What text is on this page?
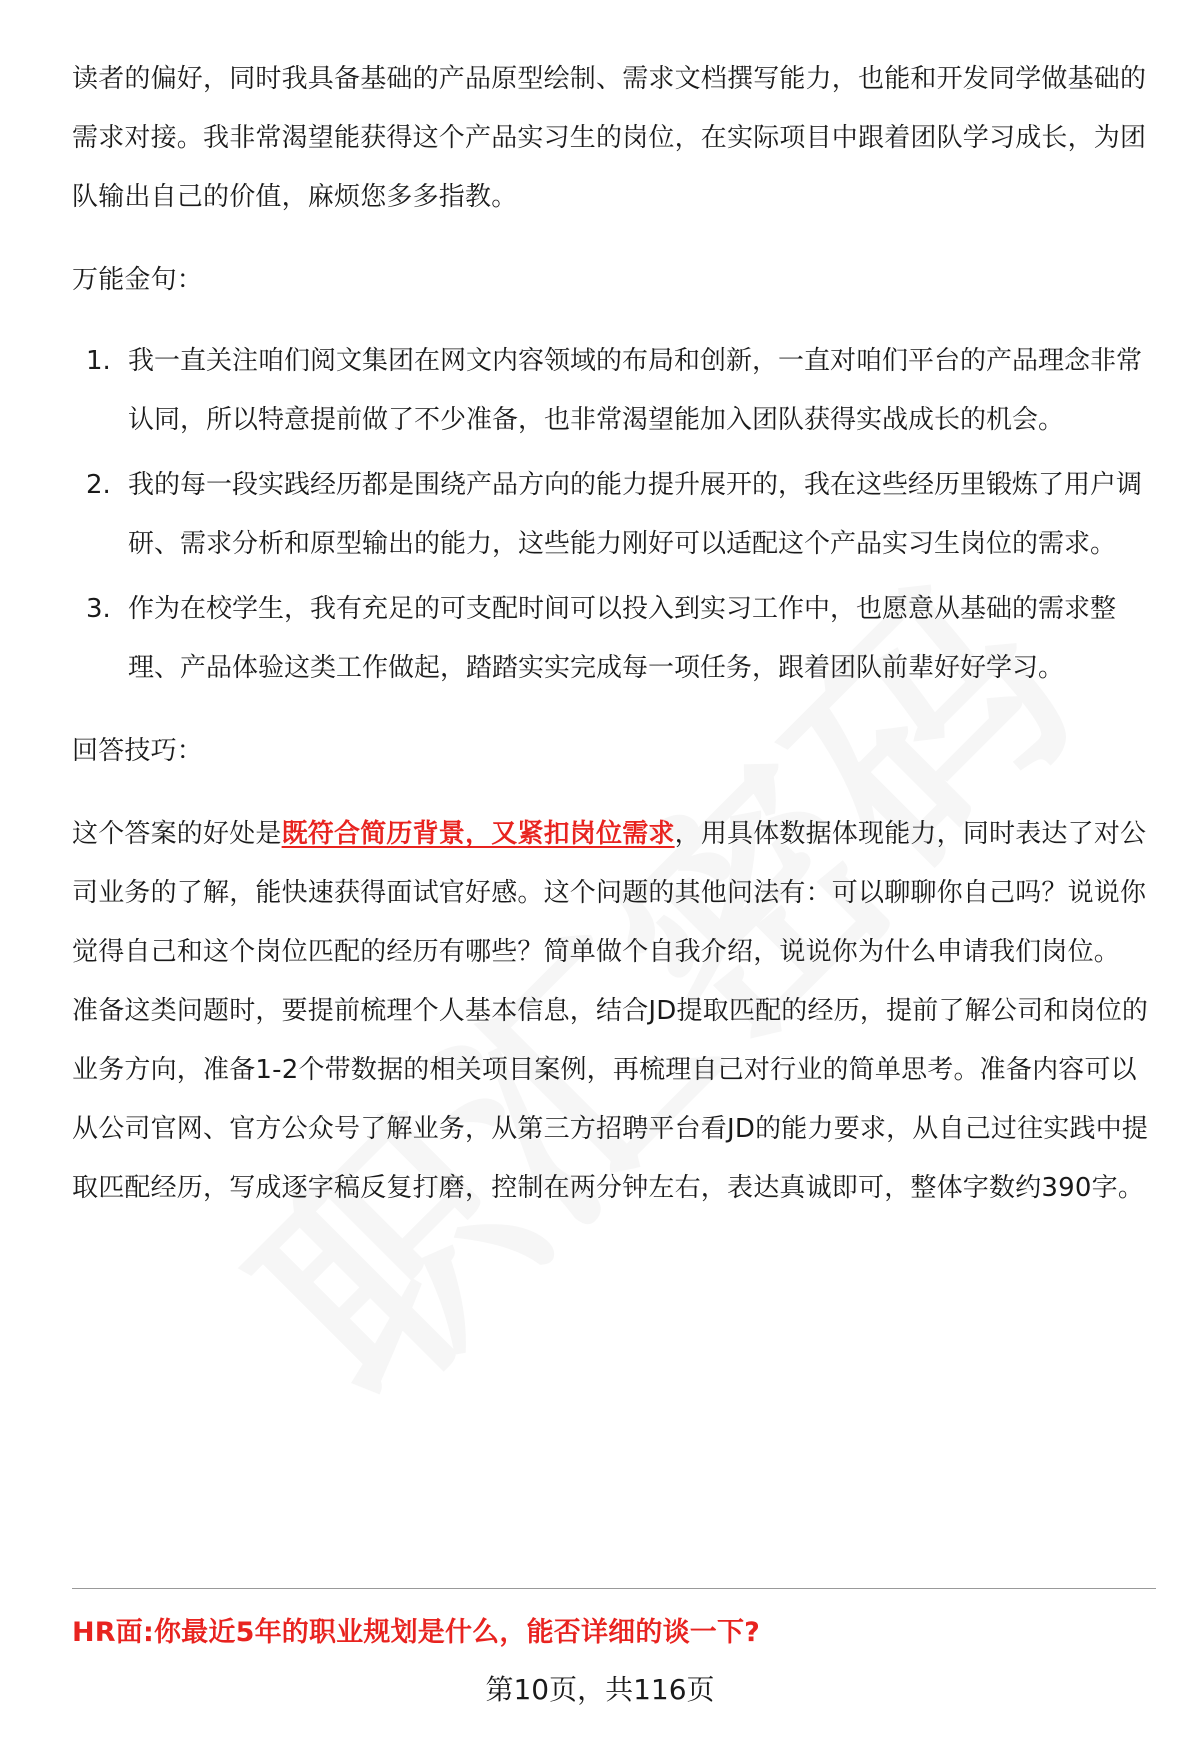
读者的偏好，同时我具备基础的产品原型绘制、需求文档撰写能力，也能和开发同学做基础的需求对接。我非常渴望能获得这个产品实习生的岗位，在实际项目中跟着团队学习成长，为团队输出自己的价值，麻烦您多多指教。

万能金句：

1. 我一直关注咱们阅文集团在网文内容领域的布局和创新，一直对咱们平台的产品理念非常认同，所以特意提前做了不少准备，也非常渴望能加入团队获得实战成长的机会。
2. 我的每一段实践经历都是围绕产品方向的能力提升展开的，我在这些经历里锻炼了用户调研、需求分析和原型输出的能力，这些能力刚好可以适配这个产品实习生岗位的需求。
3. 作为在校学生，我有充足的可支配时间可以投入到实习工作中，也愿意从基础的需求整理、产品体验这类工作做起，踏踏实实完成每一项任务，跟着团队前辈好好学习。

回答技巧：

这个答案的好处是既符合简历背景，又紧扣岗位需求，用具体数据体现能力，同时表达了对公司业务的了解，能快速获得面试官好感。这个问题的其他问法有：可以聊聊你自己吗？说说你觉得自己和这个岗位匹配的经历有哪些？简单做个自我介绍，说说你为什么申请我们岗位。

准备这类问题时，要提前梳理个人基本信息，结合JD提取匹配的经历，提前了解公司和岗位的业务方向，准备1-2个带数据的相关项目案例，再梳理自己对行业的简单思考。准备内容可以从公司官网、官方公众号了解业务，从第三方招聘平台看JD的能力要求，从自己过往实践中提取匹配经历，写成逐字稿反复打磨，控制在两分钟左右，表达真诚即可，整体字数约390字。

HR面:你最近5年的职业规划是什么，能否详细的谈一下?

第10页，共116页
